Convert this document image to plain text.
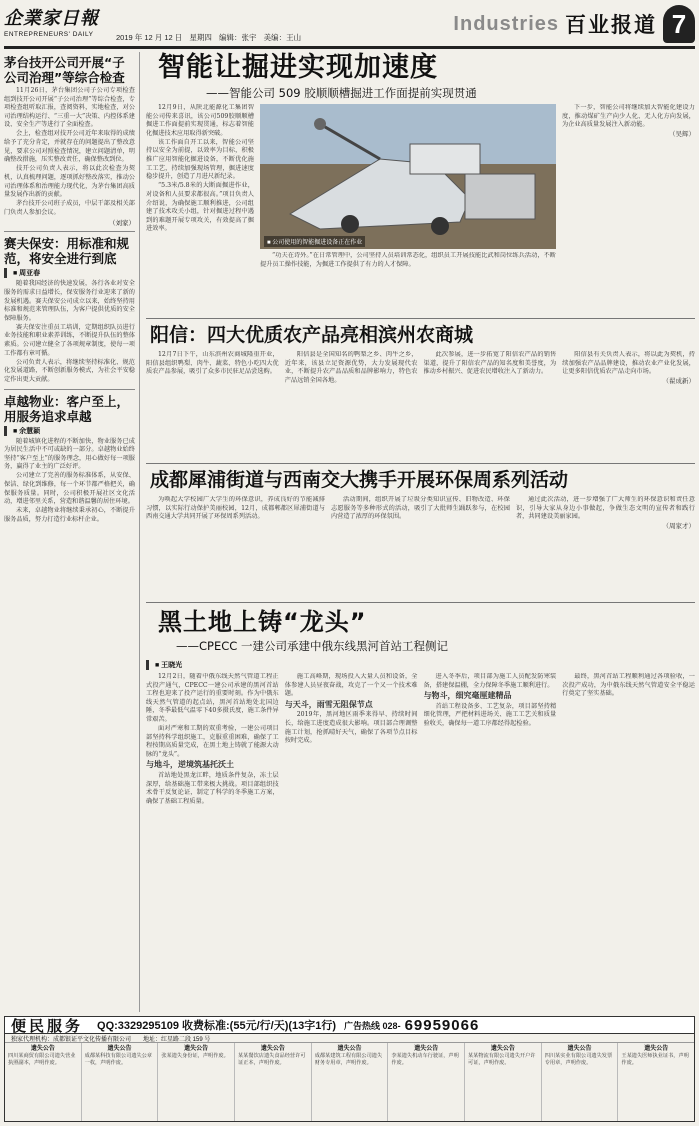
企業家日報
ENTREPRENEURS' DAILY	2019 年 12 月 12 日 星期四 编辑：张宇 美编：王山
Industries 百业报道 7
茅台技开公司开展“子公司治理”等综合检查

11月26日，茅台集团公司子公司专项检查组到技开公司开展“子公司治理”等综合检查，专项检查组听取汇报，查阅资料，实地检查，对公司治理结构运行、“三重一大”决策、内控体系建设、安全生产等进行了全面检查。

会上，检查组对技开公司近年来取得的成绩给予了充分肯定，并就存在的问题提出了整改意见，要求公司对照检查情况，建立问题清单，明确整改措施，压实整改责任，确保整改到位。

技开公司负责人表示，将以此次检查为契机，认真梳理问题，逐项抓好整改落实，推动公司治理体系和治理能力现代化，为茅台集团高质量发展作出新的贡献。

茅台技开公司班子成员，中层干部及相关部门负责人参加会议。

（刘家）
赛夫保安：用标准和规范，将安全进行到底
■ 周亚春

随着我国经济的快速发展，各行各业对安全服务的需求日益增长，保安服务行业迎来了新的发展机遇。赛夫保安公司成立以来，始终坚持用标准和规范来管理队伍，为客户提供优质的安全保障服务。

赛夫保安注重员工培训，定期组织队员进行业务技能和职业素养训练，不断提升队伍的整体素质。公司建立健全了各项规章制度，使每一项工作都有章可循。

公司负责人表示，将继续坚持标准化、规范化发展道路，不断创新服务模式，为社会平安稳定作出更大贡献。

卓越物业：客户至上，用服务追求卓越
■ 余慧颖

随着城镇化进程的不断加快，物业服务已成为居民生活中不可或缺的一部分。卓越物业始终坚持“客户至上”的服务理念，用心做好每一项服务，赢得了业主的广泛好评。

公司建立了完善的服务标准体系，从安保、保洁、绿化到维修，每一个环节都严格把关，确保服务质量。同时，公司积极开展社区文化活动，增进邻里关系，营造和谐温馨的居住环境。

未来，卓越物业将继续秉承初心，不断提升服务品质，努力打造行业标杆企业。

智能让掘进实现加速度
——智能公司 509 胶顺顺槽掘进工作面提前实现贯通

12月9日，从陕北能源化工集团智能公司传来喜讯，该公司509胶顺顺槽掘进工作面提前实现贯通，标志着智能化掘进技术应用取得新突破。

该工作面自开工以来，智能公司坚持以安全为前提，以效率为目标，积极推广应用智能化掘进设备，不断优化施工工艺，持续加强现场管理，掘进速度稳步提升，创造了月进尺新纪录。

“5.3米/5.8米的大断面掘进作业，对设备和人员要求都很高。”项目负责人介绍说，为确保施工顺利推进，公司组建了技术攻关小组，针对掘进过程中遇到的难题开展专项攻关，有效提高了掘进效率。

■ 公司使用的智能掘进设备正在作业

“功夫在诗外。”在日常管理中，公司坚持人员培训常态化，组织员工开展技能比武和岗位练兵活动，不断提升员工操作技能，为掘进工作提供了有力的人才保障。

下一步，智能公司将继续加大智能化建设力度，推动煤矿生产向少人化、无人化方向发展，为企业高质量发展注入新动能。

（吴辉）
阳信：四大优质农产品亮相滨州农商城

12月7日下午，山东滨州农商城隆重开业，阳信县组织鸭梨、肉牛、蔬菜、特色小吃四大优质农产品参展，吸引了众多市民驻足品尝选购。

阳信县是全国知名的鸭梨之乡、肉牛之乡，近年来，该县立足资源优势，大力发展现代农业，不断提升农产品品质和品牌影响力，特色农产品远销全国各地。

此次参展，进一步拓宽了阳信农产品的销售渠道，提升了阳信农产品的知名度和美誉度，为推动乡村振兴、促进农民增收注入了新动力。

阳信县有关负责人表示，将以此为契机，持续加强农产品品牌建设，推动农业产业化发展，让更多阳信优质农产品走向市场。

（翟成新）
成都犀浦街道与西南交大携手开展环保周系列活动

为唤起大学校园广大学生的环保意识，养成良好的节能减排习惯，以实际行动保护美丽校园，12月，成都郫都区犀浦街道与西南交通大学共同开展了环保周系列活动。

活动期间，组织开展了垃圾分类知识宣传、旧物改造、环保志愿服务等多种形式的活动，吸引了大批师生踊跃参与，在校园内营造了浓厚的环保氛围。

通过此次活动，进一步增强了广大师生的环保意识和责任意识，引导大家从身边小事做起，争做生态文明的宣传者和践行者，共同建设美丽家园。

（周家才）
黑土地上铸“龙头”
——CPECC 一建公司承建中俄东线黑河首站工程侧记
■ 王晓光

12月2日，随着中俄东线天然气管道工程正式投产通气，CPECC一建公司承建的黑河首站工程也迎来了投产运行的重要时刻。作为中俄东线天然气管道的起点站，黑河首站地处北国边陲，冬季最低气温零下40多摄氏度，施工条件异常艰苦。

面对严寒和工期的双重考验，一建公司项目部坚持科学组织施工，克服重重困难，确保了工程按期高质量完成，在黑土地上铸就了能源大动脉的“龙头”。

与地斗，逆境筑基托沃土

首站地处黑龙江畔，地质条件复杂，冻土层深厚，给基础施工带来极大挑战。项目部组织技术骨干反复论证，制定了科学的冬季施工方案，确保了基础工程质量。

施工高峰期，现场投入大量人员和设备，全体参建人员昼夜奋战，攻克了一个又一个技术难题。

与天斗，雨雪无阻保节点

2019年，黑河地区雨季来得早、持续时间长，给施工进度造成很大影响。项目部合理调整施工计划，抢抓晴好天气，确保了各项节点目标按时完成。

进入冬季后，项目部为施工人员配发防寒装备，搭建保温棚，全力保障冬季施工顺利进行。

与物斗，细究毫厘建精品

首站工程设备多、工艺复杂，项目部坚持精细化管理，严把材料进场关、施工工艺关和质量验收关，确保每一道工序都经得起检验。

最终，黑河首站工程顺利通过各项验收，一次投产成功，为中俄东线天然气管道安全平稳运行奠定了坚实基础。

便民服务	QQ:3329295109 收费标准:(55元/行/天)(13字1行) 广告热线 028- 69959066
独家代理机构：成都银证平文化传播有限公司 地址：红星路二段 159 号
遗失公告
四川某商贸有限公司遗失营业执照副本，声明作废。
遗失公告
成都某科技有限公司遗失公章一枚，声明作废。
遗失公告
张某遗失身份证，声明作废。
遗失公告
某某餐饮店遗失食品经营许可证正本，声明作废。
遗失公告
成都某建筑工程有限公司遗失财务专用章，声明作废。
遗失公告
李某遗失机动车行驶证，声明作废。
遗失公告
某某物流有限公司遗失开户许可证，声明作废。
遗失公告
四川某实业有限公司遗失发票专用章，声明作废。
遗失公告
王某遗失医师执业证书，声明作废。
